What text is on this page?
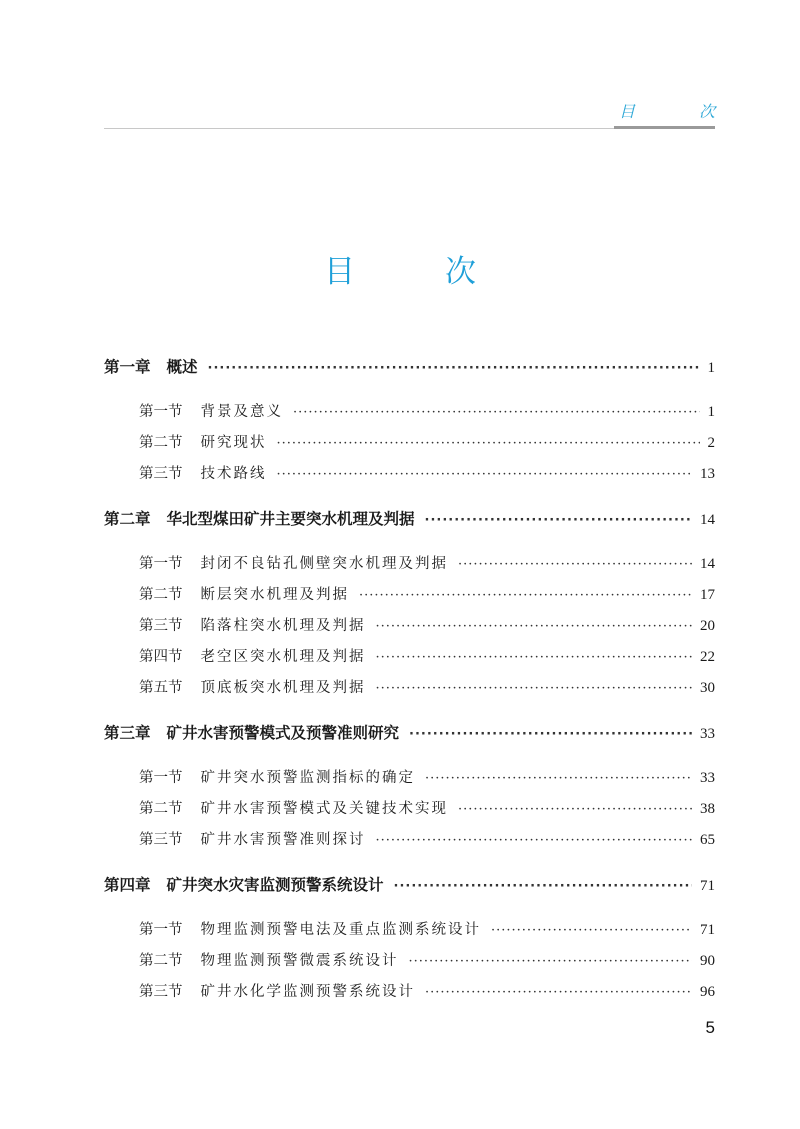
目	次
目	次
第一章 概述 ·····	1
第一节 背景及意义 ·····	1
第二节 研究现状 ·····	2
第三节 技术路线 ·····	13
第二章 华北型煤田矿井主要突水机理及判据 ·····	14
第一节 封闭不良钻孔侧壁突水机理及判据 ·····	14
第二节 断层突水机理及判据 ·····	17
第三节 陷落柱突水机理及判据 ·····	20
第四节 老空区突水机理及判据 ·····	22
第五节 顶底板突水机理及判据 ·····	30
第三章 矿井水害预警模式及预警准则研究 ·····	33
第一节 矿井突水预警监测指标的确定 ·····	33
第二节 矿井水害预警模式及关键技术实现 ·····	38
第三节 矿井水害预警准则探讨 ·····	65
第四章 矿井突水灾害监测预警系统设计 ·····	71
第一节 物理监测预警电法及重点监测系统设计 ·····	71
第二节 物理监测预警微震系统设计 ·····	90
第三节 矿井水化学监测预警系统设计 ·····	96
5
